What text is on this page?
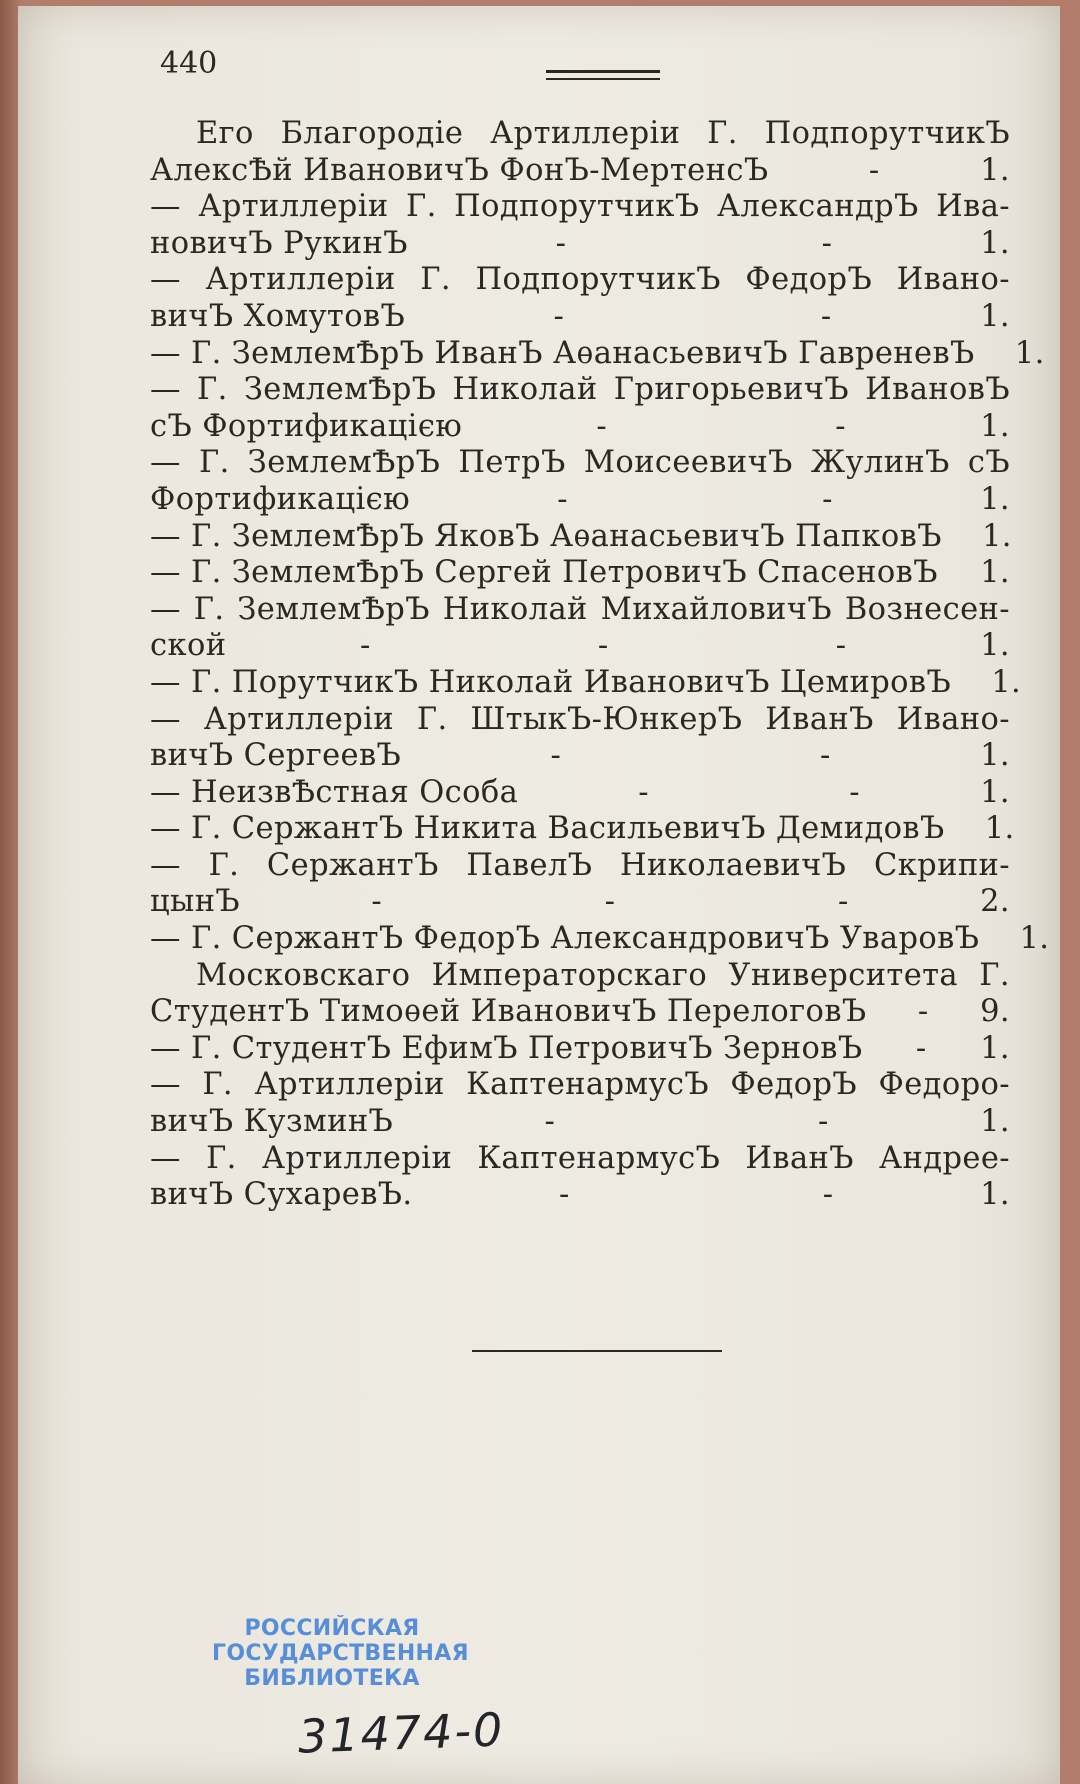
440
Его Благородіе Артиллеріи Г. ПодпорутчикЪ
АлексѢй ИвановичЪ ФонЪ-МертенсЪ	-	1.
— Артиллеріи Г. ПодпорутчикЪ АлександрЪ Ива-
новичЪ РукинЪ	-	-	1.
— Артиллеріи Г. ПодпорутчикЪ ФедорЪ Ивано-
вичЪ ХомутовЪ	-	-	1.
— Г. ЗемлемѢрЪ ИванЪ АѳанасьевичЪ ГавреневЪ 1.
— Г. ЗемлемѢрЪ Николай ГригорьевичЪ ИвановЪ
сЪ Фортификацією	-	-	1.
— Г. ЗемлемѢрЪ ПетрЪ МоисеевичЪ ЖулинЪ сЪ
Фортификацією	-	-	1.
— Г. ЗемлемѢрЪ ЯковЪ АѳанасьевичЪ ПапковЪ 1.
— Г. ЗемлемѢрЪ Сергей ПетровичЪ СпасеновЪ 1.
— Г. ЗемлемѢрЪ Николай МихайловичЪ Вознесен-
ской	-	-	-	1.
— Г. ПорутчикЪ Николай ИвановичЪ ЦемировЪ 1.
— Артиллеріи Г. ШтыкЪ-ЮнкерЪ ИванЪ Ивано-
вичЪ СергеевЪ	-	-	1.
— НеизвѢстная Особа	-	-	1.
— Г. СержантЪ Никита ВасильевичЪ ДемидовЪ 1.
— Г. СержантЪ ПавелЪ НиколаевичЪ Скрипи-
цынЪ	-	-	-	2.
— Г. СержантЪ ФедорЪ АлександровичЪ УваровЪ 1.
Московскаго Императорскаго Университета Г.
СтудентЪ Тимоѳей ИвановичЪ ПерелоговЪ - 9.
— Г. СтудентЪ ЕфимЪ ПетровичЪ ЗерновЪ - 1.
— Г. Артиллеріи КаптенармусЪ ФедорЪ Федоро-
вичЪ КузминЪ	-	-	1.
— Г. Артиллеріи КаптенармусЪ ИванЪ Андрее-
вичЪ СухаревЪ.	-	-	1.
РОССИЙСКАЯ
ГОСУДАРСТВЕННАЯ
БИБЛИОТЕКА
31474-0
